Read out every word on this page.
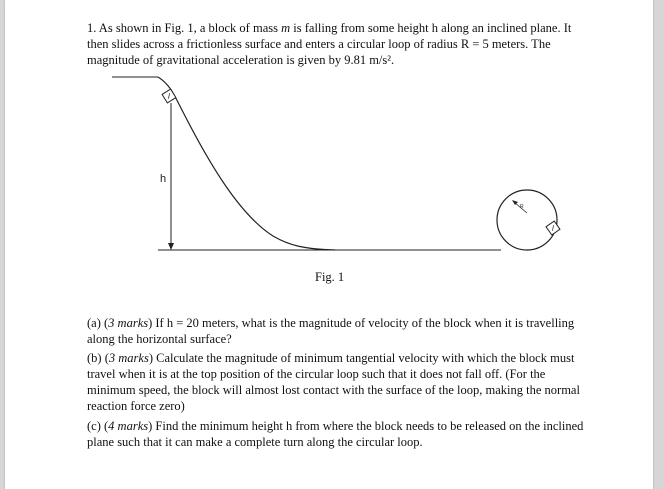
1. As shown in Fig. 1, a block of mass m is falling from some height h along an inclined plane. It then slides across a frictionless surface and enters a circular loop of radius R = 5 meters. The magnitude of gravitational acceleration is given by 9.81 m/s².
h
R
Fig. 1
(a) (3 marks) If h = 20 meters, what is the magnitude of velocity of the block when it is travelling along the horizontal surface?
(b) (3 marks) Calculate the magnitude of minimum tangential velocity with which the block must travel when it is at the top position of the circular loop such that it does not fall off. (For the minimum speed, the block will almost lost contact with the surface of the loop, making the normal reaction force zero)
(c) (4 marks) Find the minimum height h from where the block needs to be released on the inclined plane such that it can make a complete turn along the circular loop.
